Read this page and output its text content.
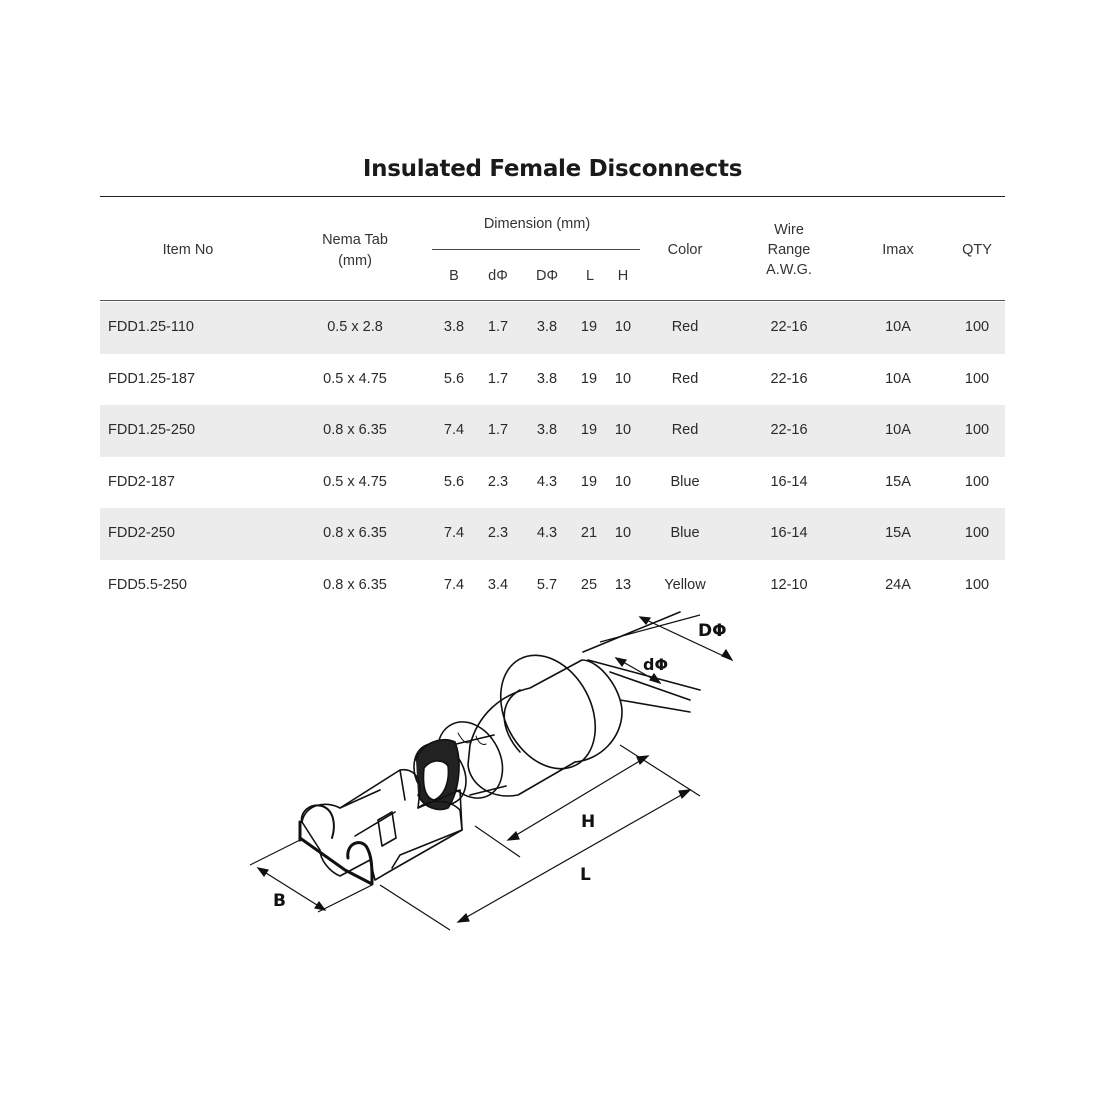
Insulated Female Disconnects
Item No
Nema Tab
(mm)
Dimension (mm)
B	dΦ	DΦ	L	H
Color
Wire
Range
A.W.G.
Imax	QTY
FDD1.25-110	0.5 x 2.8	3.8	1.7	3.8	19	10	Red	22-16	10A	100
FDD1.25-187	0.5 x 4.75	5.6	1.7	3.8	19	10	Red	22-16	10A	100
FDD1.25-250	0.8 x 6.35	7.4	1.7	3.8	19	10	Red	22-16	10A	100
FDD2-187	0.5 x 4.75	5.6	2.3	4.3	19	10	Blue	16-14	15A	100
FDD2-250	0.8 x 6.35	7.4	2.3	4.3	21	10	Blue	16-14	15A	100
FDD5.5-250	0.8 x 6.35	7.4	3.4	5.7	25	13	Yellow	12-10	24A	100
DΦ
dΦ
H
L
B
